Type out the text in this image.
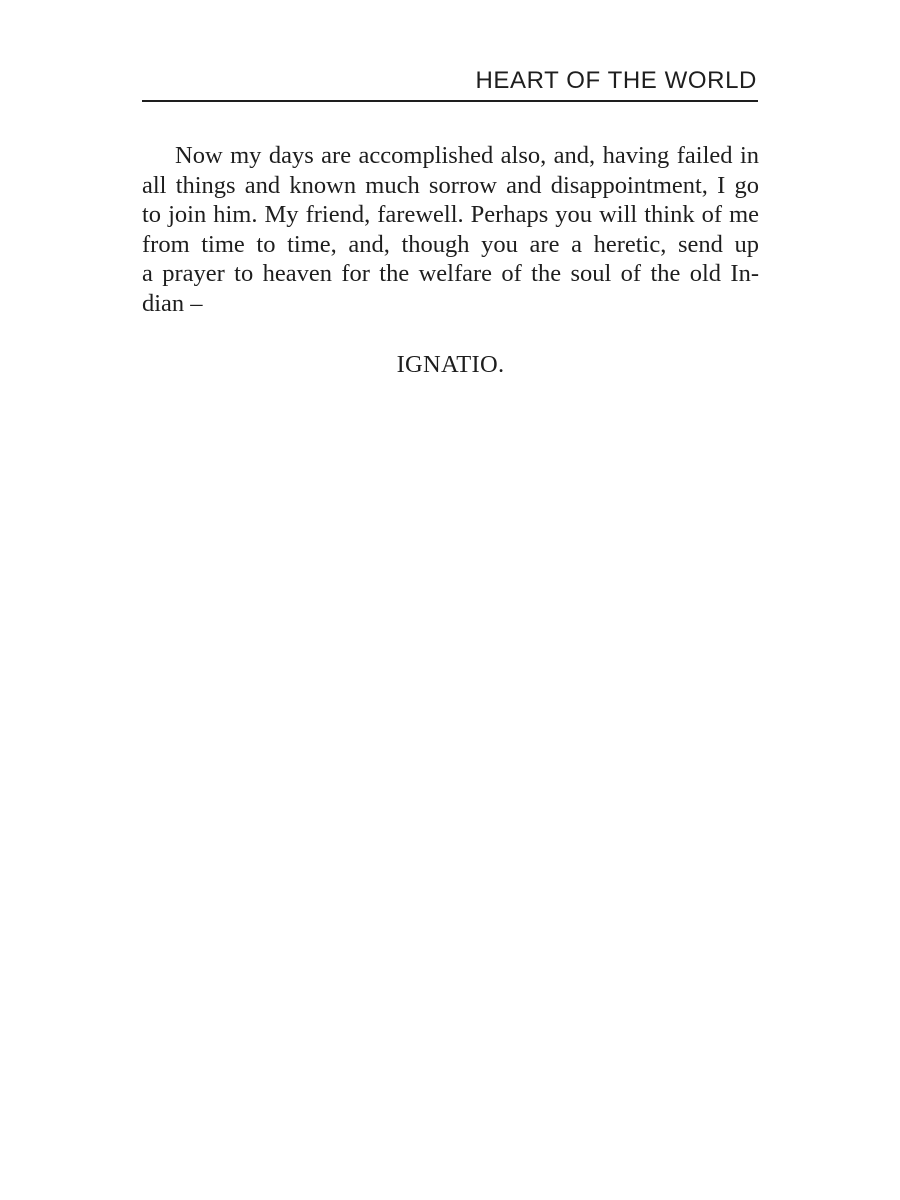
HEART OF THE WORLD
Now my days are accomplished also, and, having failed in
all things and known much sorrow and disappointment, I go
to join him. My friend, farewell. Perhaps you will think of me
from time to time, and, though you are a heretic, send up
a prayer to heaven for the welfare of the soul of the old In-
dian –
IGNATIO.
